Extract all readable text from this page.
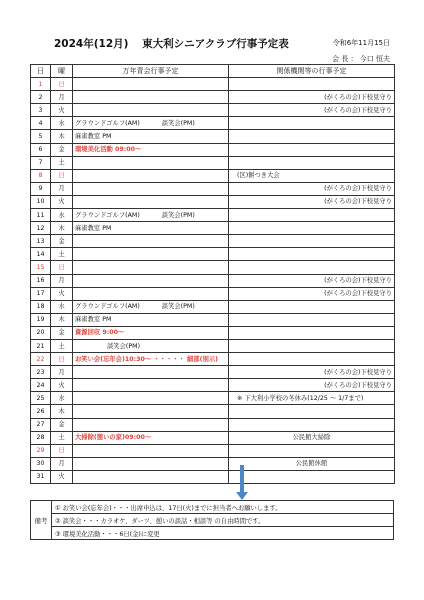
2024年(12月) 東大利シニアクラブ行事予定表	令和6年11月15日
会 長 ： 今口 恒夫
日	曜	万年青会行事予定	関係機関等の行事予定
1	日		
2	月		(がくろの会)下校見守り
3	火		(がくろの会)下校見守り
4	水	グラウンドゴルフ(AM) 談笑会(PM)	
5	木	麻雀教室 PM	
6	金	環境美化活動 09:00～	
7	土		
8	日		(区)餅つき大会
9	月		(がくろの会)下校見守り
10	火		(がくろの会)下校見守り
11	水	グラウンドゴルフ(AM) 談笑会(PM)	
12	木	麻雀教室 PM	
13	金		
14	土		
15	日		
16	月		(がくろの会)下校見守り
17	火		(がくろの会)下校見守り
18	水	グラウンドゴルフ(AM) 談笑会(PM)	
19	木	麻雀教室 PM	
20	金	資源回収 9:00～	
21	土	談笑会(PM)	
22	日	お笑い会(忘年会)10:30～ ・・・・・ 細部(別示)	
23	月		(がくろの会)下校見守り
24	火		(がくろの会)下校見守り
25	水		※ 下大利小学校の冬休み(12/25 ～ 1/7まで)
26	木		
27	金		
28	土	大掃除(憩いの家)09:00～	公民館大掃除
29	日		
30	月		公民館休館
31	火		
備考	① お笑い会(忘年会)・・・出席申込は、17日(火)までに担当者へお願いします。
② 談笑会・・・カラオケ、ダーツ、憩いの談話・相談等 の自由時間です。
③ 環境美化活動・・・6日(金)に変更
